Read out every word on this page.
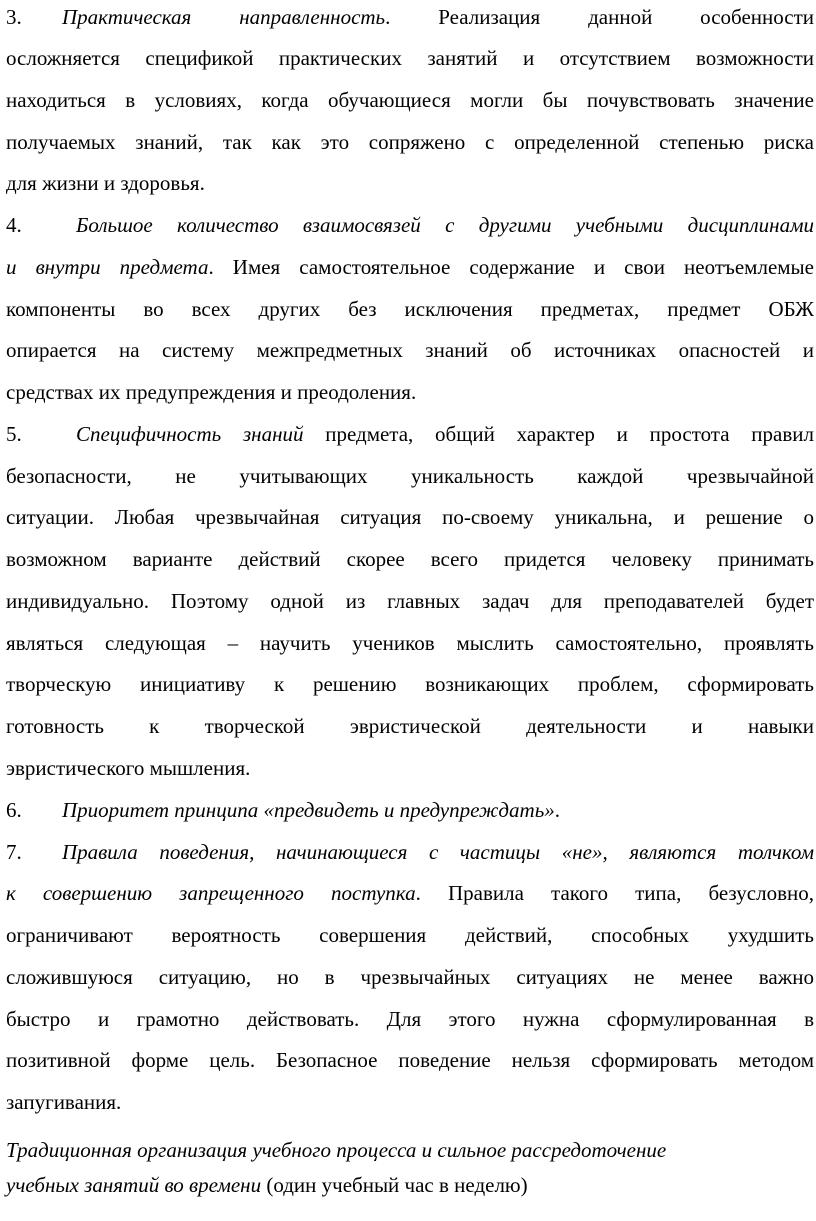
3. Практическая направленность. Реализация данной особенности
осложняется спецификой практических занятий и отсутствием возможности
находиться в условиях, когда обучающиеся могли бы почувствовать значение
получаемых знаний, так как это сопряжено с определенной степенью риска
для жизни и здоровья.
4.	Большое количество взаимосвязей с другими учебными дисциплинами
и внутри предмета. Имея самостоятельное содержание и свои неотъемлемые
компоненты во всех других без исключения предметах, предмет ОБЖ
опирается на систему межпредметных знаний об источниках опасностей и
средствах их предупреждения и преодоления.
5.	Специфичность знаний предмета, общий характер и простота правил
безопасности, не учитывающих уникальность каждой чрезвычайной
ситуации. Любая чрезвычайная ситуация по-своему уникальна, и решение о
возможном варианте действий скорее всего придется человеку принимать
индивидуально. Поэтому одной из главных задач для преподавателей будет
являться следующая – научить учеников мыслить самостоятельно, проявлять
творческую инициативу к решению возникающих проблем, сформировать
готовность к творческой эвристической деятельности и навыки
эвристического мышления.
6. Приоритет принципа «предвидеть и предупреждать».
7. Правила поведения, начинающиеся с частицы «не», являются толчком
к совершению запрещенного поступка. Правила такого типа, безусловно,
ограничивают вероятность совершения действий, способных ухудшить
сложившуюся ситуацию, но в чрезвычайных ситуациях не менее важно
быстро и грамотно действовать. Для этого нужна сформулированная в
позитивной форме цель. Безопасное поведение нельзя сформировать методом
запугивания.
Традиционная организация учебного процесса и сильное рассредоточение
учебных занятий во времени (один учебный час в неделю)
